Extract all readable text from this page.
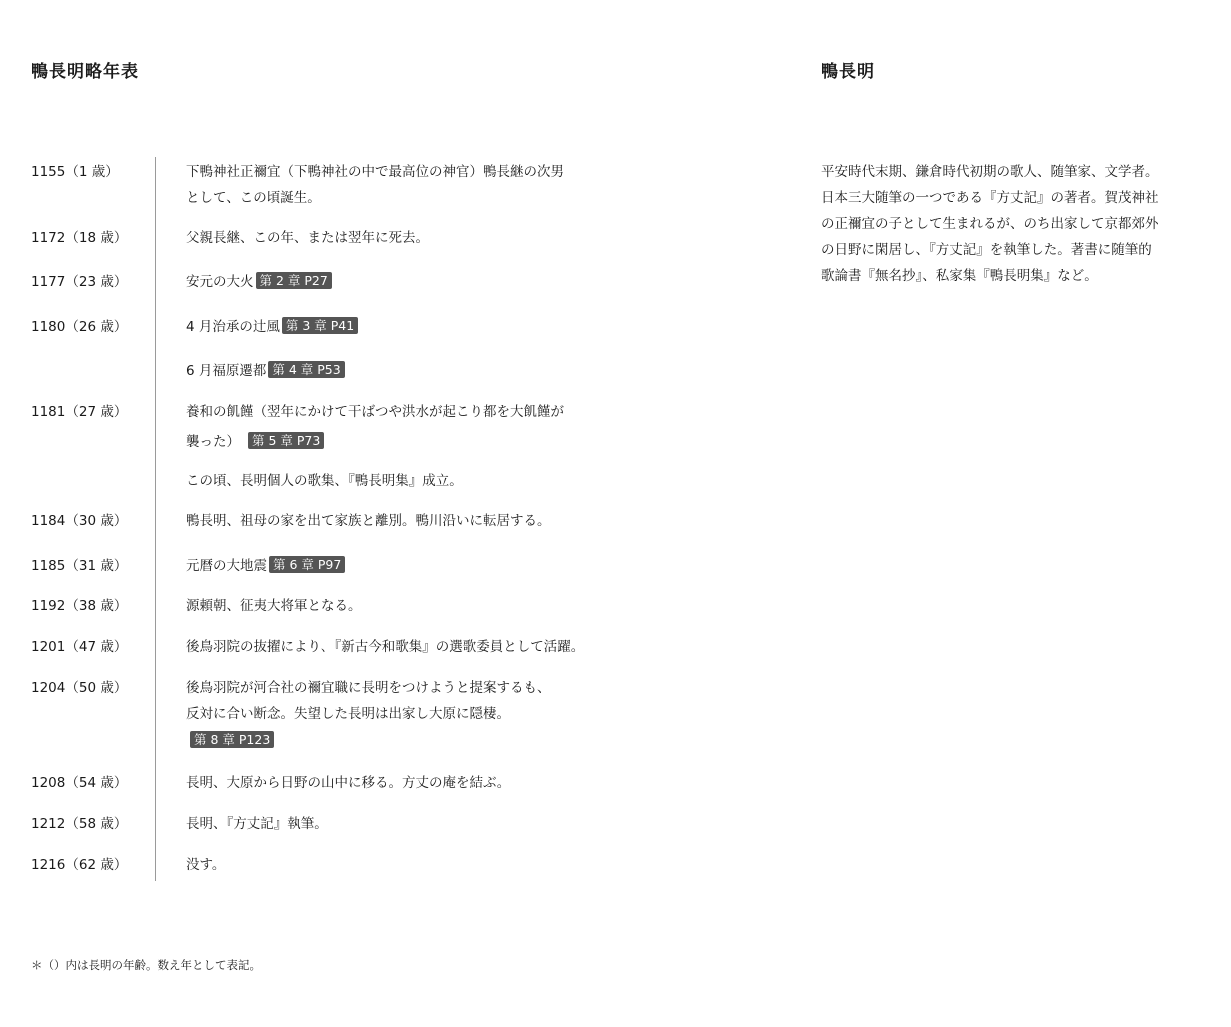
鴨長明略年表	鴨長明
1155（1 歳）	下鴨神社正禰宜（下鴨神社の中で最高位の神官）鴨長継の次男
として、この頃誕生。
1172（18 歳）	父親長継、この年、または翌年に死去。
1177（23 歳）	安元の大火 第 2 章 P27
1180（26 歳）	4 月治承の辻風 第 3 章 P41
6 月福原遷都 第 4 章 P53
1181（27 歳）	養和の飢饉（翌年にかけて干ばつや洪水が起こり都を大飢饉が
襲った） 第 5 章 P73
この頃、長明個人の歌集、『鴨長明集』成立。
1184（30 歳）	鴨長明、祖母の家を出て家族と離別。鴨川沿いに転居する。
1185（31 歳）	元暦の大地震 第 6 章 P97
1192（38 歳）	源頼朝、征夷大将軍となる。
1201（47 歳）	後鳥羽院の抜擢により､『新古今和歌集』の選歌委員として活躍。
1204（50 歳）	後鳥羽院が河合社の禰宜職に長明をつけようと提案するも、
反対に合い断念。失望した長明は出家し大原に隠棲。
第 8 章 P123
1208（54 歳）	長明、大原から日野の山中に移る。方丈の庵を結ぶ。
1212（58 歳）	長明、『方丈記』執筆。
1216（62 歳）	没す。
平安時代末期、鎌倉時代初期の歌人、随筆家、文学者。
日本三大随筆の一つである『方丈記』の著者。賀茂神社
の正禰宜の子として生まれるが、のち出家して京都郊外
の日野に閑居し、『方丈記』を執筆した。著書に随筆的
歌論書『無名抄』、私家集『鴨長明集』など。
＊（）内は長明の年齢。数え年として表記。
